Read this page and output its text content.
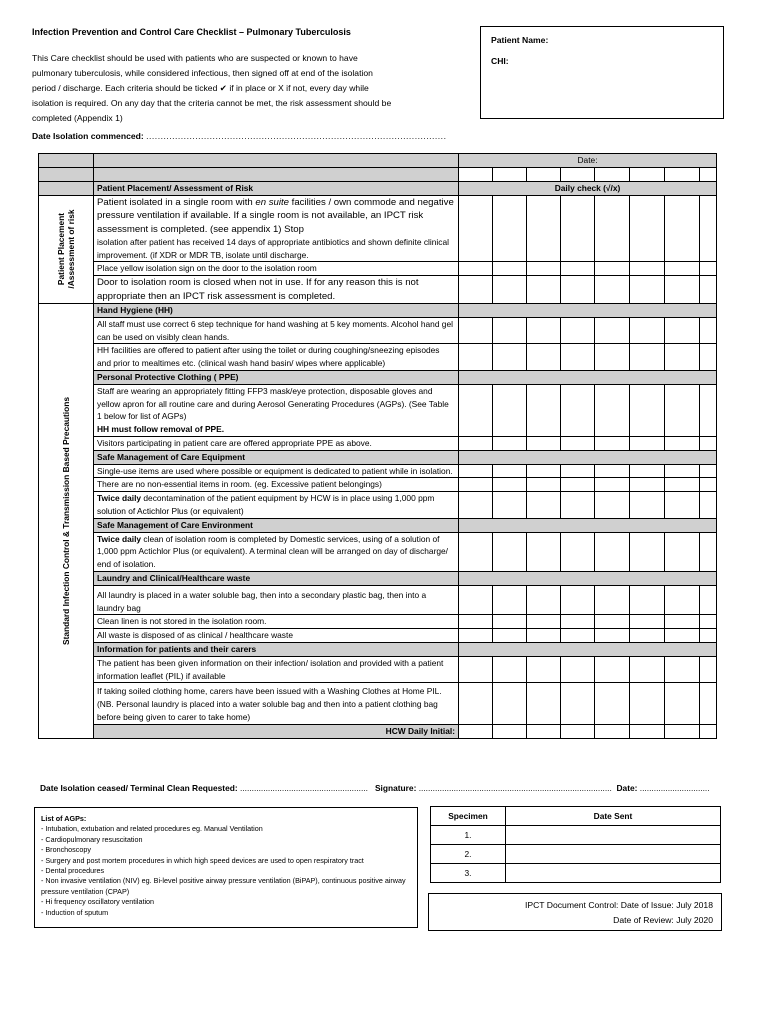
Infection Prevention and Control Care Checklist – Pulmonary Tuberculosis
This Care checklist should be used with patients who are suspected or known to have
pulmonary tuberculosis, while considered infectious, then signed off at end of the isolation
period / discharge. Each criteria should be ticked ✔ if in place or X if not, every day while
isolation is required. On any day that the criteria cannot be met, the risk assessment should be
completed (Appendix 1)
Date Isolation commenced: ........................................................................................................
Patient Name:
CHI:
		Date:							

	Patient Placement/ Assessment of Risk	Daily check (√/x)							

Patient Placement
/Assessment of risk	Patient isolated in a single room with en suite facilities / own commode and negative pressure ventilation if available. If a single room is not available, an IPCT risk assessment is completed. (see appendix 1) Stop
isolation after patient has received 14 days of appropriate antibiotics and shown definite clinical improvement. (if XDR or MDR TB, isolate until discharge.								

	Place yellow isolation sign on the door to the isolation room								
	Door to isolation room is closed when not in use. If for any reason this is not appropriate then an IPCT risk assessment is completed.								

Standard Infection Control & Transmission Based Precautions	Hand Hygiene (HH)								
	All staff must use correct 6 step technique for hand washing at 5 key moments. Alcohol hand gel can be used on visibly clean hands.								
	HH facilities are offered to patient after using the toilet or during coughing/sneezing episodes and prior to mealtimes etc. (clinical wash hand basin/ wipes where applicable)								
	Personal Protective Clothing ( PPE)								
	Staff are wearing an appropriately fitting FFP3 mask/eye protection, disposable gloves and yellow apron for all routine care and during Aerosol Generating Procedures (AGPs). (See Table 1 below for list of AGPs)
HH must follow removal of PPE.								

	Visitors participating in patient care are offered appropriate PPE as above.								
	Safe Management of Care Equipment								
	Single-use items are used where possible or equipment is dedicated to patient while in isolation.								
	There are no non-essential items in room. (eg. Excessive patient belongings)								
	Twice daily decontamination of the patient equipment by HCW is in place using 1,000 ppm solution of Actichlor Plus (or equivalent)								
	Safe Management of Care Environment								
	Twice daily clean of isolation room is completed by Domestic services, using of a solution of 1,000 ppm Actichlor Plus (or equivalent). A terminal clean will be arranged on day of discharge/ end of isolation.								
	Laundry and Clinical/Healthcare waste								
	All laundry is placed in a water soluble bag, then into a secondary plastic bag, then into a laundry bag								
	Clean linen is not stored in the isolation room.								
	All waste is disposed of as clinical / healthcare waste								
	Information for patients and their carers								
	The patient has been given information on their infection/ isolation and provided with a patient information leaflet (PIL) if available								
	If taking soiled clothing home, carers have been issued with a Washing Clothes at Home PIL. (NB. Personal laundry is placed into a water soluble bag and then into a patient clothing bag before being given to carer to take home)								
	HCW Daily Initial:								
Date Isolation ceased/ Terminal Clean Requested: ....................................................... Signature: ................................................................................... Date: ..............................
List of AGPs:
- Intubation, extubation and related procedures eg. Manual Ventilation
- Cardiopulmonary resuscitation
- Bronchoscopy
- Surgery and post mortem procedures in which high speed devices are used to open respiratory tract
- Dental procedures
- Non invasive ventilation (NIV) eg. Bi-level positive airway pressure ventilation (BiPAP), continuous positive airway pressure ventilation (CPAP)
- Hi frequency oscillatory ventilation
- Induction of sputum
Specimen	Date Sent
1.	
2.	
3.	
IPCT Document Control: Date of Issue: July 2018
Date of Review: July 2020
